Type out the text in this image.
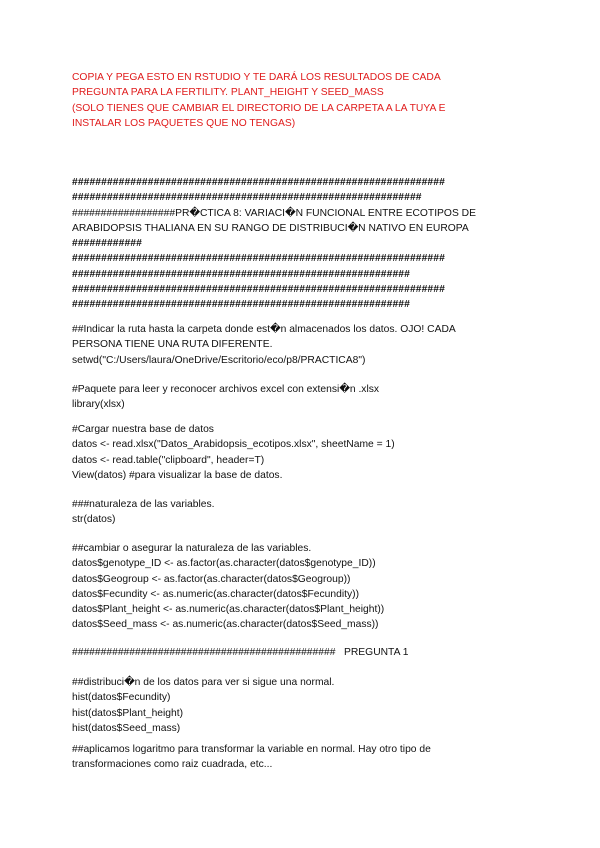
COPIA Y PEGA ESTO EN RSTUDIO Y TE DARÁ LOS RESULTADOS DE CADA
PREGUNTA PARA LA FERTILITY. PLANT_HEIGHT Y SEED_MASS
(SOLO TIENES QUE CAMBIAR EL DIRECTORIO DE LA CARPETA A LA TUYA E
INSTALAR LOS PAQUETES QUE NO TENGAS)
################################################################
############################################################
##################PR�CTICA 8: VARIACI�N FUNCIONAL ENTRE ECOTIPOS DE
ARABIDOPSIS THALIANA EN SU RANGO DE DISTRIBUCI�N NATIVO EN EUROPA
############
################################################################
##########################################################
################################################################
##########################################################
##Indicar la ruta hasta la carpeta donde est�n almacenados los datos. OJO! CADA
PERSONA TIENE UNA RUTA DIFERENTE.
setwd("C:/Users/laura/OneDrive/Escritorio/eco/p8/PRACTICA8")
#Paquete para leer y reconocer archivos excel con extensi�n .xlsx
library(xlsx)
#Cargar nuestra base de datos
datos <- read.xlsx("Datos_Arabidopsis_ecotipos.xlsx", sheetName = 1)
datos <- read.table("clipboard", header=T)
View(datos) #para visualizar la base de datos.
###naturaleza de las variables.
str(datos)
##cambiar o asegurar la naturaleza de las variables.
datos$genotype_ID <- as.factor(as.character(datos$genotype_ID))
datos$Geogroup <- as.factor(as.character(datos$Geogroup))
datos$Fecundity <- as.numeric(as.character(datos$Fecundity))
datos$Plant_height <- as.numeric(as.character(datos$Plant_height))
datos$Seed_mass <- as.numeric(as.character(datos$Seed_mass))
##############################################   PREGUNTA 1
##distribuci�n de los datos para ver si sigue una normal.
hist(datos$Fecundity)
hist(datos$Plant_height)
hist(datos$Seed_mass)
##aplicamos logaritmo para transformar la variable en normal. Hay otro tipo de
transformaciones como raiz cuadrada, etc...
